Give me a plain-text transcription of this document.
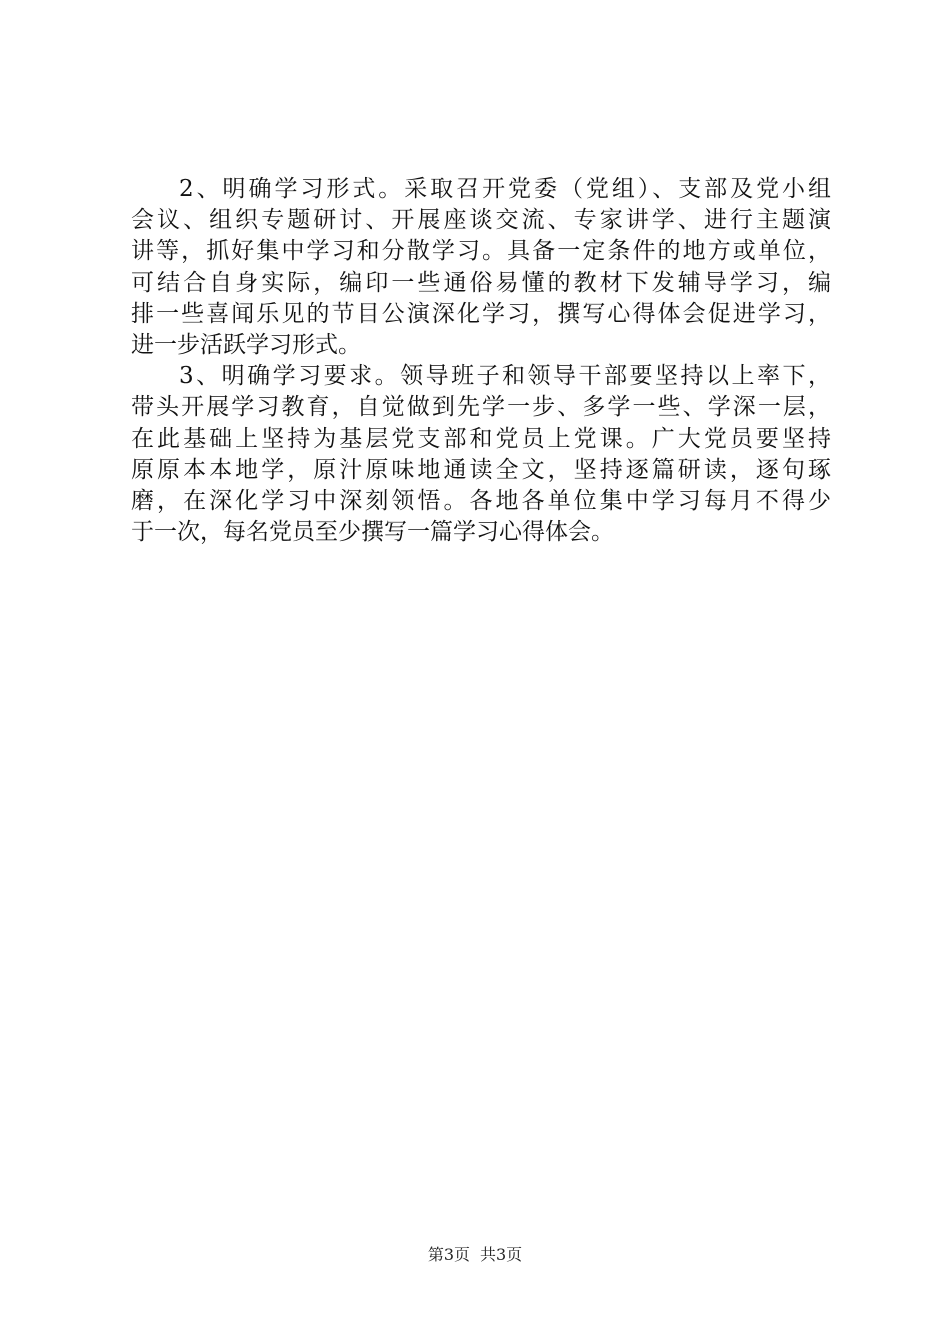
2、明确学习形式。采取召开党委（党组）、支部及党小组
会议、组织专题研讨、开展座谈交流、专家讲学、进行主题演
讲等，抓好集中学习和分散学习。具备一定条件的地方或单位，
可结合自身实际，编印一些通俗易懂的教材下发辅导学习，编
排一些喜闻乐见的节目公演深化学习，撰写心得体会促进学习，
进一步活跃学习形式。
3、明确学习要求。领导班子和领导干部要坚持以上率下，
带头开展学习教育，自觉做到先学一步、多学一些、学深一层，
在此基础上坚持为基层党支部和党员上党课。广大党员要坚持
原原本本地学，原汁原味地通读全文，坚持逐篇研读，逐句琢
磨，在深化学习中深刻领悟。各地各单位集中学习每月不得少
于一次，每名党员至少撰写一篇学习心得体会。
第3页 共3页
